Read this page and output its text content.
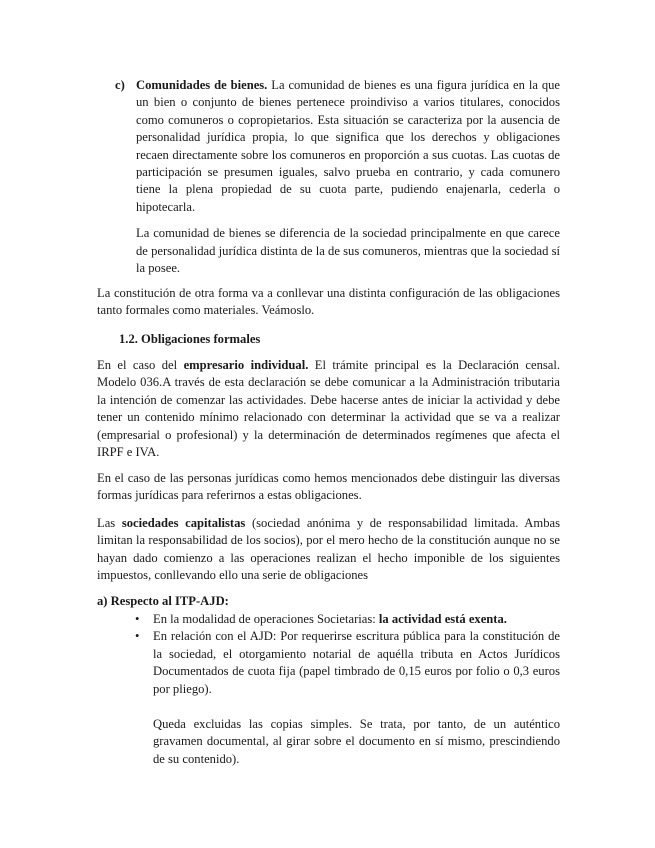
c) Comunidades de bienes. La comunidad de bienes es una figura jurídica en la que un bien o conjunto de bienes pertenece proindiviso a varios titulares, conocidos como comuneros o copropietarios. Esta situación se caracteriza por la ausencia de personalidad jurídica propia, lo que significa que los derechos y obligaciones recaen directamente sobre los comuneros en proporción a sus cuotas. Las cuotas de participación se presumen iguales, salvo prueba en contrario, y cada comunero tiene la plena propiedad de su cuota parte, pudiendo enajenarla, cederla o hipotecarla.

La comunidad de bienes se diferencia de la sociedad principalmente en que carece de personalidad jurídica distinta de la de sus comuneros, mientras que la sociedad sí la posee.

La constitución de otra forma va a conllevar una distinta configuración de las obligaciones tanto formales como materiales. Veámoslo.

1.2. Obligaciones formales

En el caso del empresario individual. El trámite principal es la Declaración censal. Modelo 036.A través de esta declaración se debe comunicar a la Administración tributaria la intención de comenzar las actividades. Debe hacerse antes de iniciar la actividad y debe tener un contenido mínimo relacionado con determinar la actividad que se va a realizar (empresarial o profesional) y la determinación de determinados regímenes que afecta el IRPF e IVA.

En el caso de las personas jurídicas como hemos mencionados debe distinguir las diversas formas jurídicas para referirnos a estas obligaciones.

Las sociedades capitalistas (sociedad anónima y de responsabilidad limitada. Ambas limitan la responsabilidad de los socios), por el mero hecho de la constitución aunque no se hayan dado comienzo a las operaciones realizan el hecho imponible de los siguientes impuestos, conllevando ello una serie de obligaciones

a) Respecto al ITP-AJD:
• En la modalidad de operaciones Societarias: la actividad está exenta.

• En relación con el AJD: Por requerirse escritura pública para la constitución de la sociedad, el otorgamiento notarial de aquélla tributa en Actos Jurídicos Documentados de cuota fija (papel timbrado de 0,15 euros por folio o 0,3 euros por pliego).

Queda excluidas las copias simples. Se trata, por tanto, de un auténtico gravamen documental, al girar sobre el documento en sí mismo, prescindiendo de su contenido).
